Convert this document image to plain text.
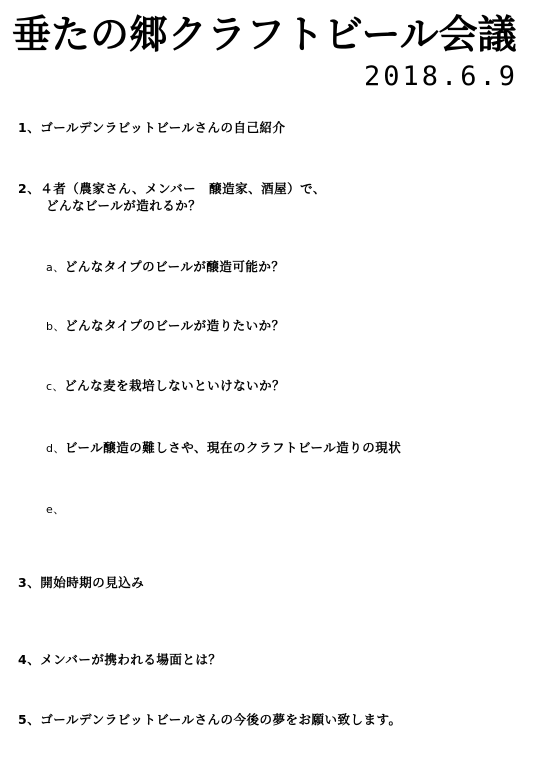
垂たの郷クラフトビール会議
2018.6.9
1、ゴールデンラビットビールさんの自己紹介
2、４者（農家さん、メンバー　醸造家、酒屋）で、
どんなビールが造れるか？
a、どんなタイプのビールが醸造可能か？
b、どんなタイプのビールが造りたいか？
c、どんな麦を栽培しないといけないか？
d、ビール醸造の難しさや、現在のクラフトビール造りの現状
e、
3、開始時期の見込み
4、メンバーが携われる場面とは？
5、ゴールデンラビットビールさんの今後の夢をお願い致します。
